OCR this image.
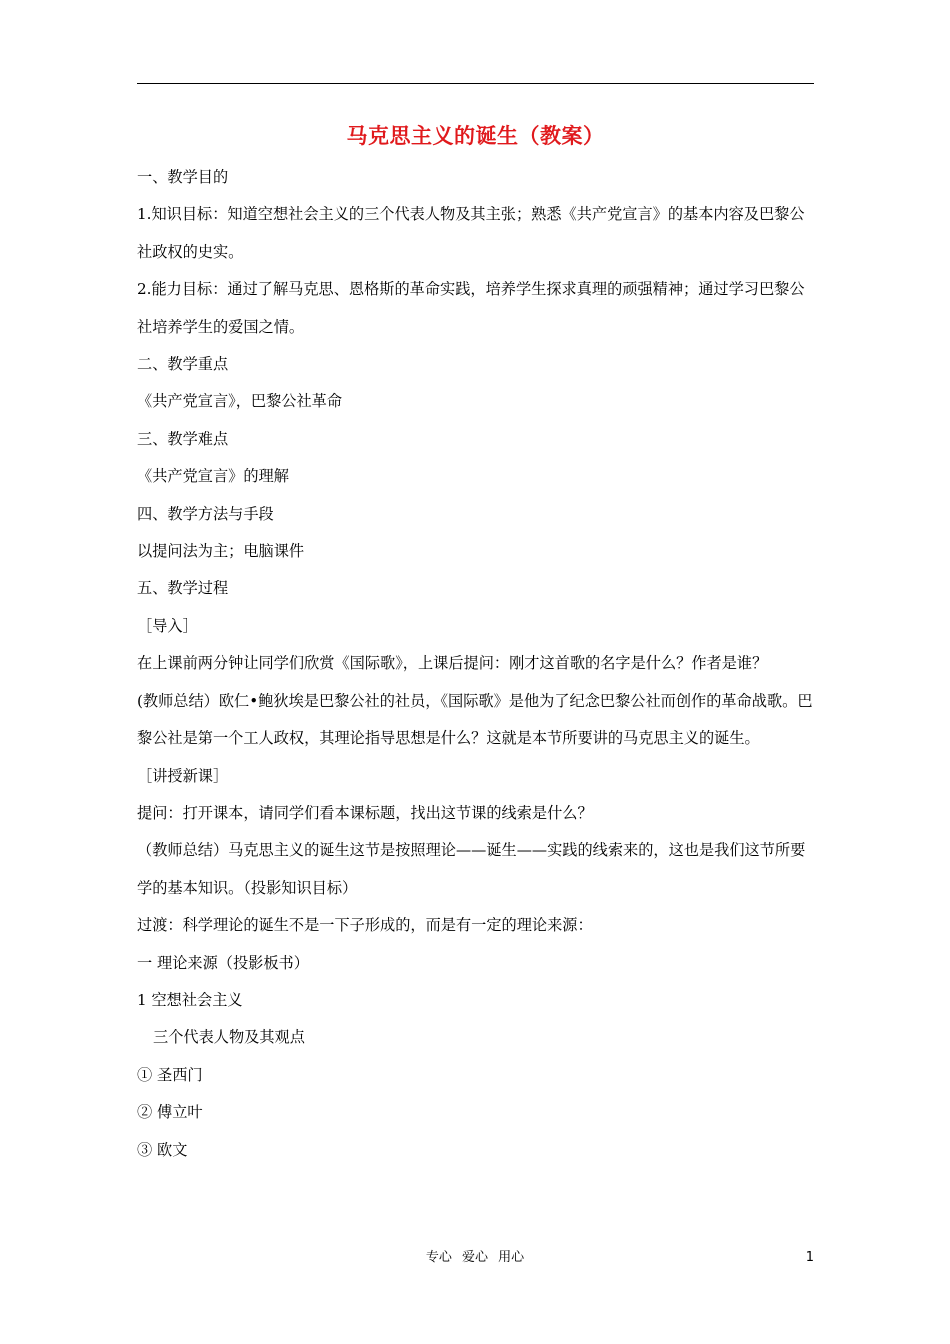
马克思主义的诞生（教案）

一、教学目的

1.知识目标：知道空想社会主义的三个代表人物及其主张；熟悉《共产党宣言》的基本内容及巴黎公社政权的史实。

2.能力目标：通过了解马克思、恩格斯的革命实践，培养学生探求真理的顽强精神；通过学习巴黎公社培养学生的爱国之情。

二、教学重点

《共产党宣言》，巴黎公社革命

三、教学难点

《共产党宣言》的理解

四、教学方法与手段

以提问法为主；电脑课件

五、教学过程

［导入］

在上课前两分钟让同学们欣赏《国际歌》，上课后提问：刚才这首歌的名字是什么？作者是谁？

(教师总结）欧仁•鲍狄埃是巴黎公社的社员，《国际歌》是他为了纪念巴黎公社而创作的革命战歌。巴黎公社是第一个工人政权，其理论指导思想是什么？这就是本节所要讲的马克思主义的诞生。

［讲授新课］

提问：打开课本，请同学们看本课标题，找出这节课的线索是什么？

（教师总结）马克思主义的诞生这节是按照理论——诞生——实践的线索来的，这也是我们这节所要学的基本知识。（投影知识目标）

过渡：科学理论的诞生不是一下子形成的，而是有一定的理论来源：

一 理论来源（投影板书）

1 空想社会主义

三个代表人物及其观点

① 圣西门

② 傅立叶

③ 欧文

专心 爱心 用心	1
